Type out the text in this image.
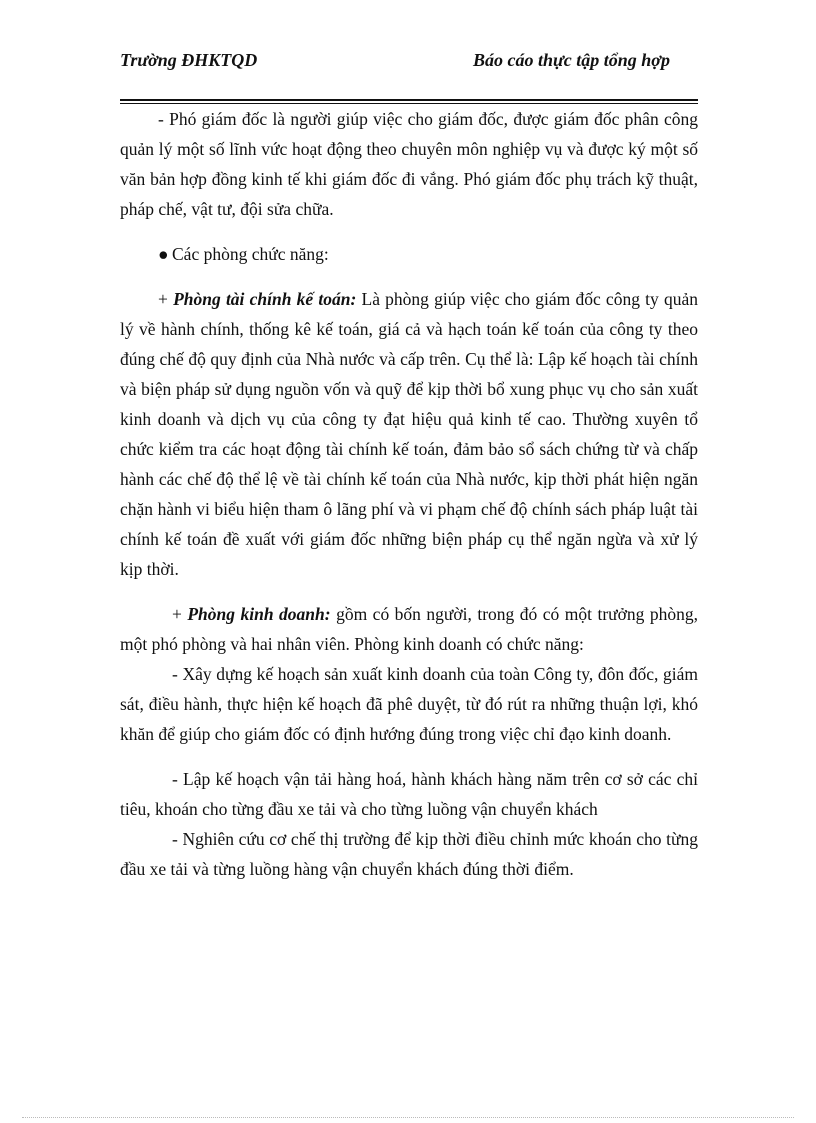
Trường ĐHKTQD	Báo cáo thực tập tổng hợp

- Phó giám đốc là người giúp việc cho giám đốc, được giám đốc phân công quản lý một số lĩnh vức hoạt động theo chuyên môn nghiệp vụ và được ký một số văn bản hợp đồng kinh tế khi giám đốc đi vắng. Phó giám đốc phụ trách kỹ thuật, pháp chế, vật tư, đội sửa chữa.

● Các phòng chức năng:

+ Phòng tài chính kế toán: Là phòng giúp việc cho giám đốc công ty quản lý về hành chính, thống kê kế toán, giá cả và hạch toán kế toán của công ty theo đúng chế độ quy định của Nhà nước và cấp trên. Cụ thể là: Lập kế hoạch tài chính và biện pháp sử dụng nguồn vốn và quỹ để kịp thời bổ xung phục vụ cho sản xuất kinh doanh và dịch vụ của công ty đạt hiệu quả kinh tế cao. Thường xuyên tổ chức kiểm tra các hoạt động tài chính kế toán, đảm bảo sổ sách chứng từ và chấp hành các chế độ thể lệ về tài chính kế toán của Nhà nước, kịp thời phát hiện ngăn chặn hành vi biểu hiện tham ô lãng phí và vi phạm chế độ chính sách pháp luật tài chính kế toán đề xuất với giám đốc những biện pháp cụ thể ngăn ngừa và xử lý kịp thời.

+ Phòng kinh doanh: gồm có bốn người, trong đó có một trưởng phòng, một phó phòng và hai nhân viên. Phòng kinh doanh có chức năng:

- Xây dựng kế hoạch sản xuất kinh doanh của toàn Công ty, đôn đốc, giám sát, điều hành, thực hiện kế hoạch đã phê duyệt, từ đó rút ra những thuận lợi, khó khăn để giúp cho giám đốc có định hướng đúng trong việc chỉ đạo kinh doanh.

- Lập kế hoạch vận tải hàng hoá, hành khách hàng năm trên cơ sở các chỉ tiêu, khoán cho từng đầu xe tải và cho từng luồng vận chuyển khách

- Nghiên cứu cơ chế thị trường để kịp thời điều chỉnh mức khoán cho từng đầu xe tải và từng luồng hàng vận chuyển khách đúng thời điểm.
